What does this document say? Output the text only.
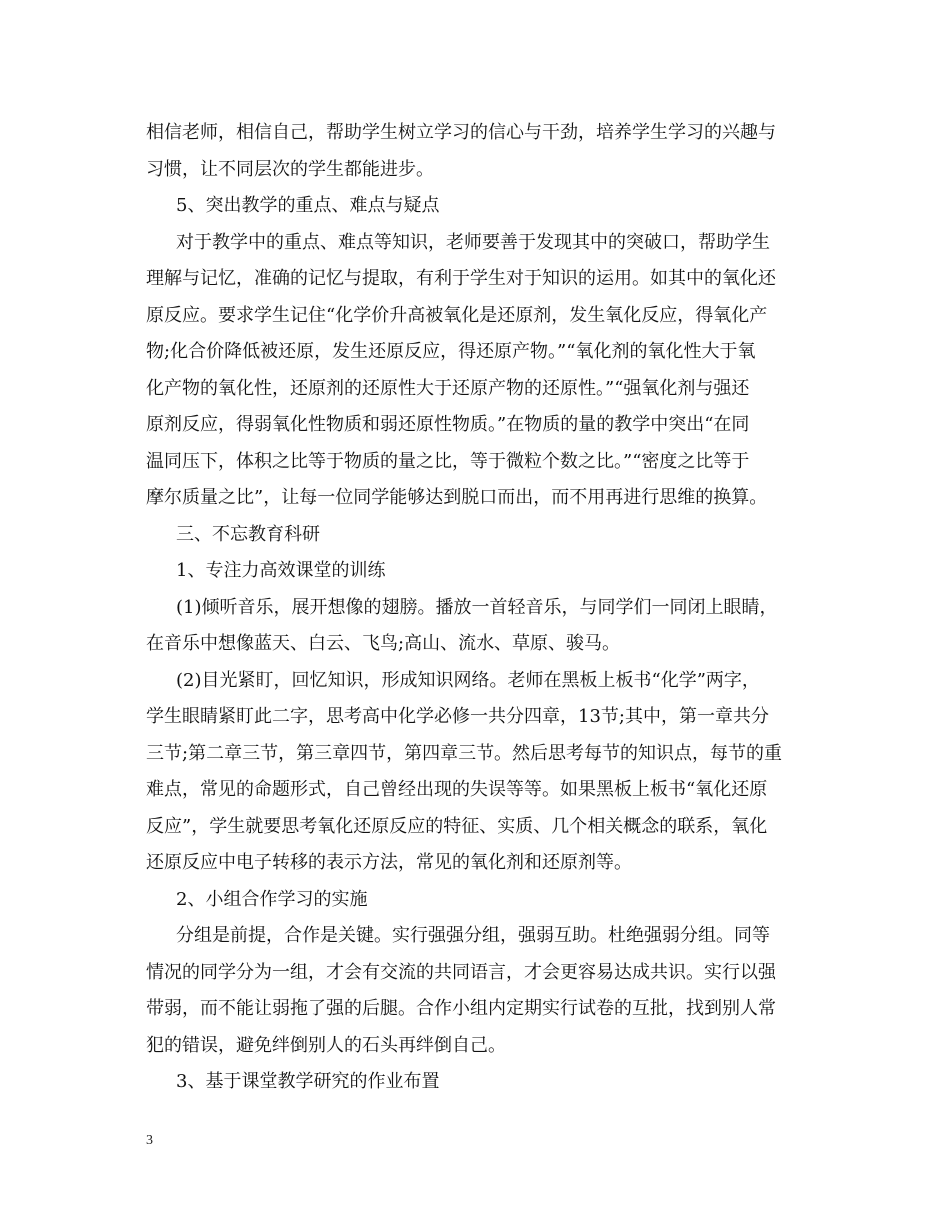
相信老师，相信自己，帮助学生树立学习的信心与干劲，培养学生学习的兴趣与
习惯，让不同层次的学生都能进步。
5、突出教学的重点、难点与疑点
对于教学中的重点、难点等知识，老师要善于发现其中的突破口，帮助学生
理解与记忆，准确的记忆与提取，有利于学生对于知识的运用。如其中的氧化还
原反应。要求学生记住“化学价升高被氧化是还原剂，发生氧化反应，得氧化产
物;化合价降低被还原，发生还原反应，得还原产物。”“氧化剂的氧化性大于氧
化产物的氧化性，还原剂的还原性大于还原产物的还原性。”“强氧化剂与强还
原剂反应，得弱氧化性物质和弱还原性物质。”在物质的量的教学中突出“在同
温同压下，体积之比等于物质的量之比，等于微粒个数之比。”“密度之比等于
摩尔质量之比”，让每一位同学能够达到脱口而出，而不用再进行思维的换算。
三、不忘教育科研
1、专注力高效课堂的训练
(1)倾听音乐，展开想像的翅膀。播放一首轻音乐，与同学们一同闭上眼睛，
在音乐中想像蓝天、白云、飞鸟;高山、流水、草原、骏马。
(2)目光紧盯，回忆知识，形成知识网络。老师在黑板上板书“化学”两字，
学生眼睛紧盯此二字，思考高中化学必修一共分四章，13节;其中，第一章共分
三节;第二章三节，第三章四节，第四章三节。然后思考每节的知识点，每节的重
难点，常见的命题形式，自己曾经出现的失误等等。如果黑板上板书“氧化还原
反应”，学生就要思考氧化还原反应的特征、实质、几个相关概念的联系，氧化
还原反应中电子转移的表示方法，常见的氧化剂和还原剂等。
2、小组合作学习的实施
分组是前提，合作是关键。实行强强分组，强弱互助。杜绝强弱分组。同等
情况的同学分为一组，才会有交流的共同语言，才会更容易达成共识。实行以强
带弱，而不能让弱拖了强的后腿。合作小组内定期实行试卷的互批，找到别人常
犯的错误，避免绊倒别人的石头再绊倒自己。
3、基于课堂教学研究的作业布置
3
